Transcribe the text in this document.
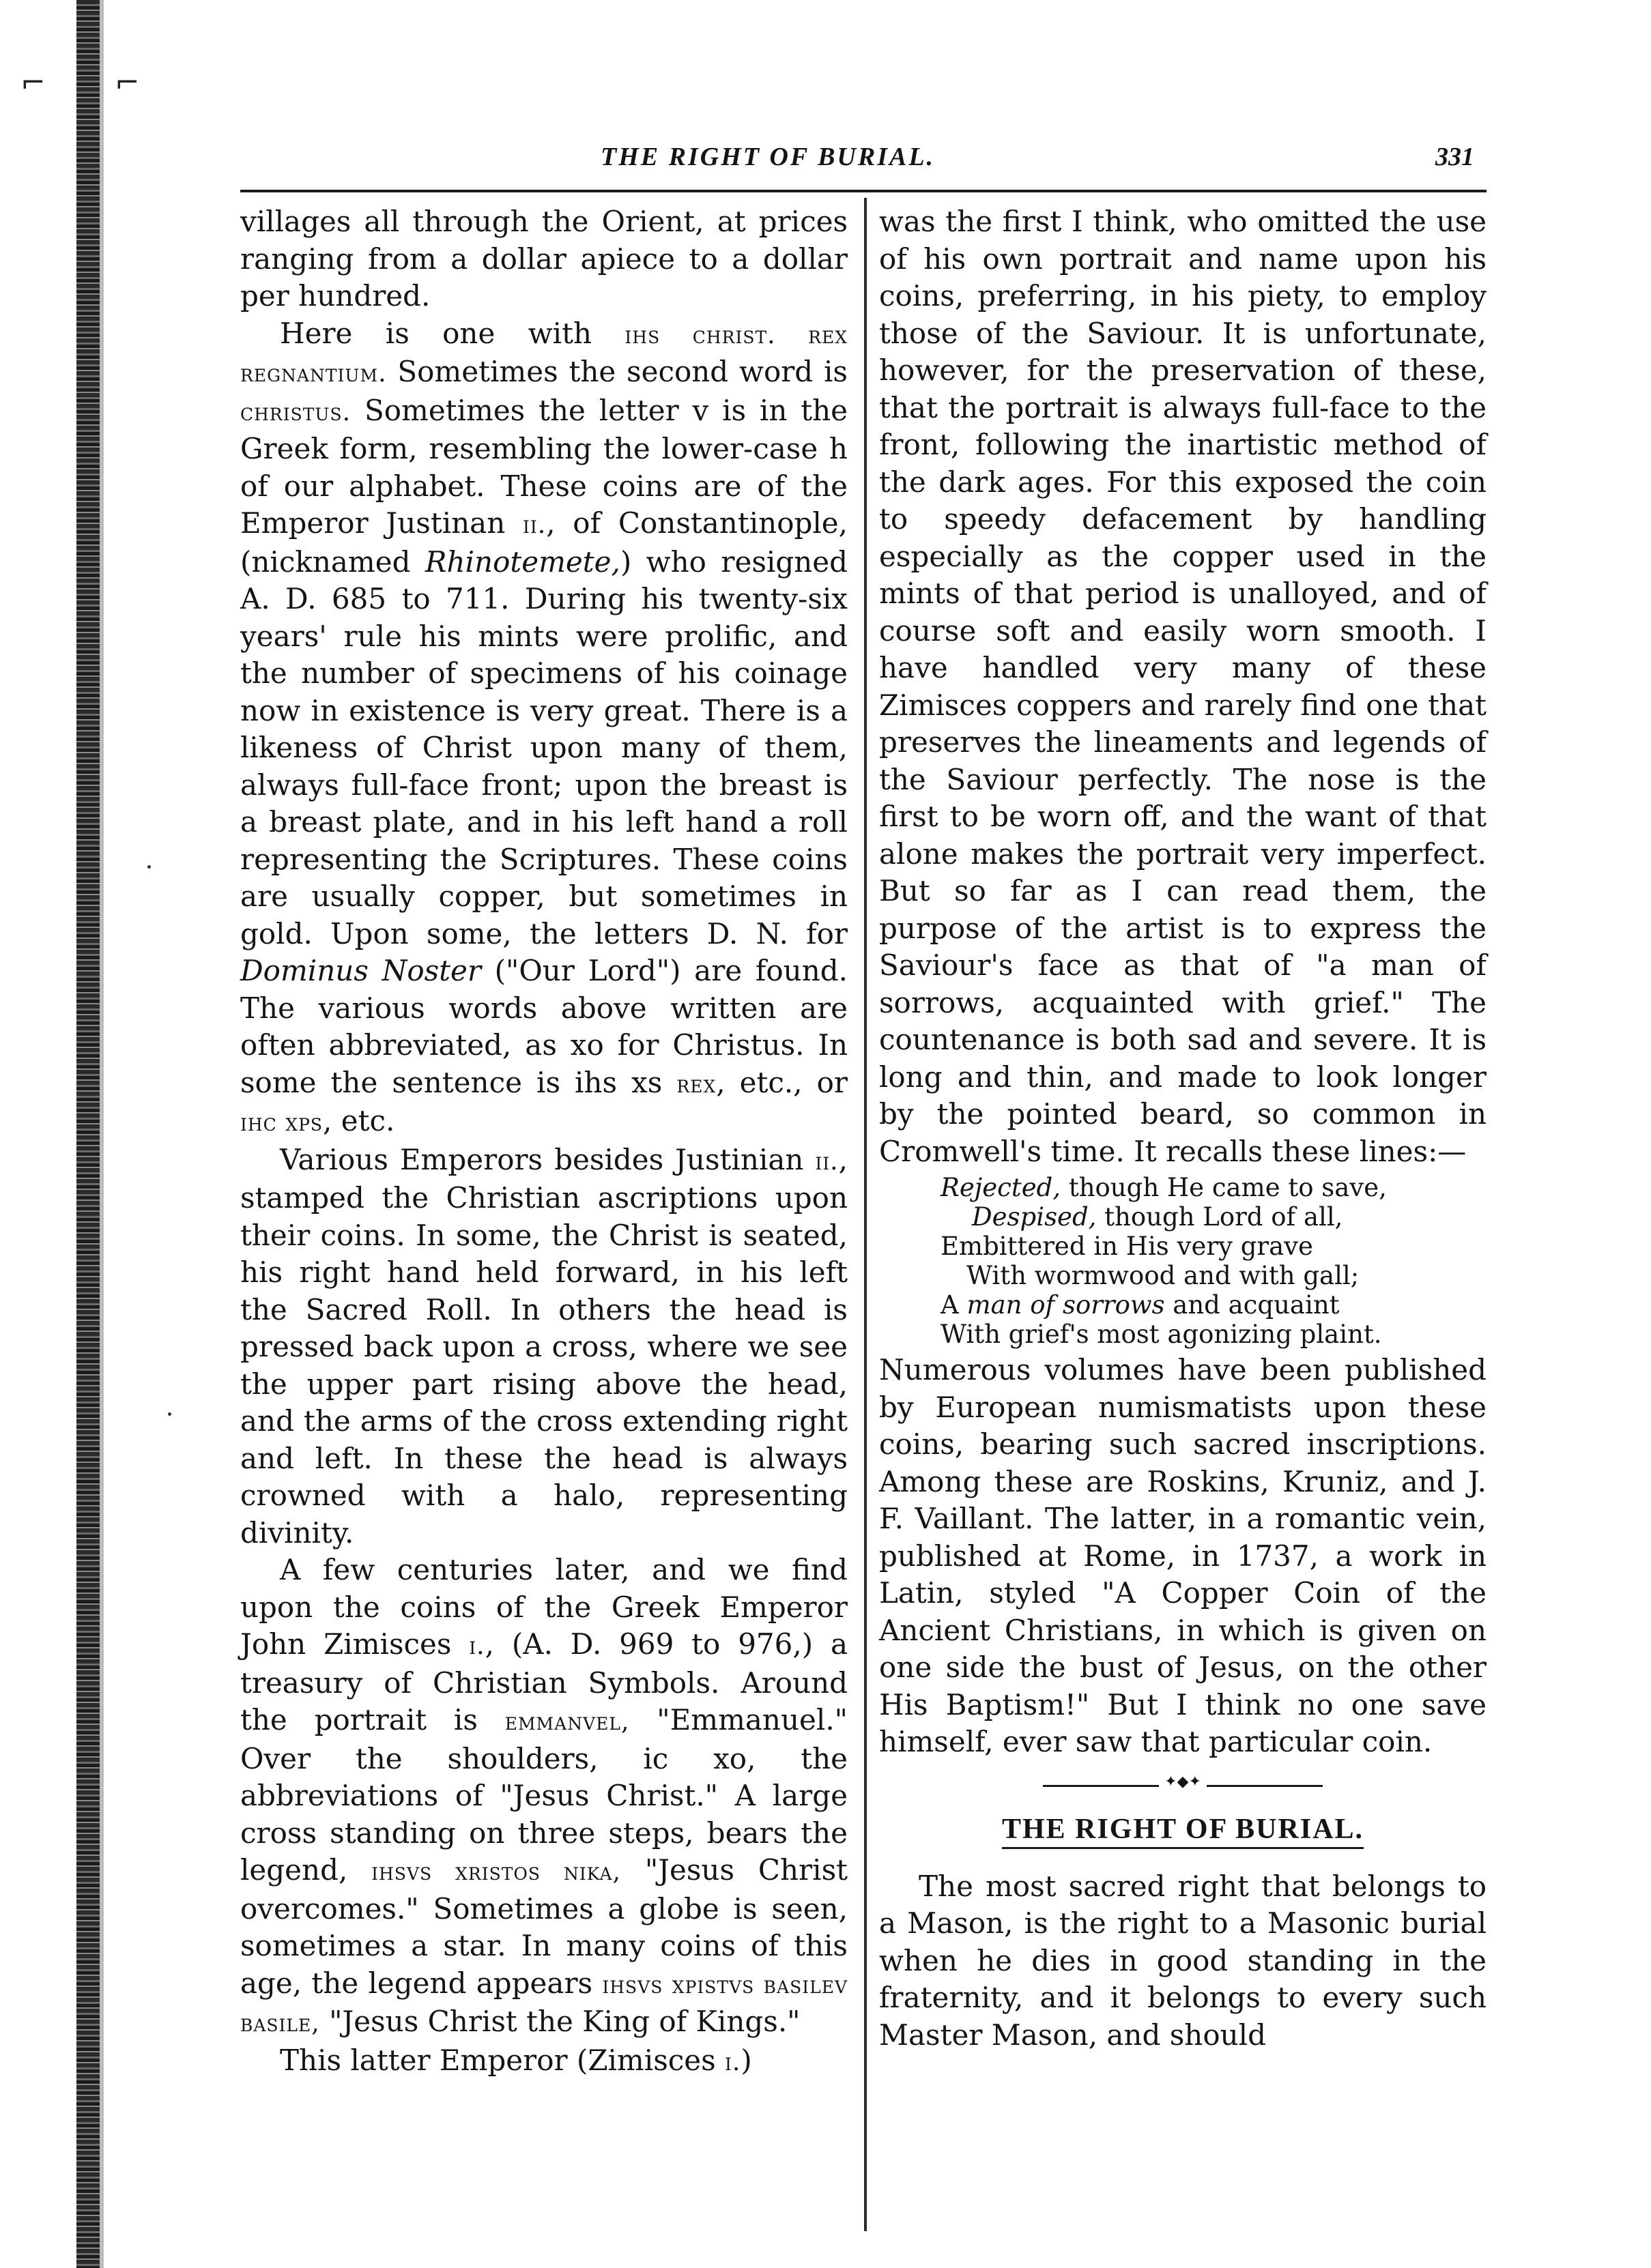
⌐ ⌐
THE RIGHT OF BURIAL.	331

villages all through the Orient, at prices ranging from a dollar apiece to a dollar per hundred.

Here is one with ihs christ. rex regnantium. Sometimes the second word is christus. Sometimes the letter v is in the Greek form, resembling the lower-case h of our alphabet. These coins are of the Emperor Justinan ii., of Constantinople, (nicknamed Rhinotemete,) who resigned A. D. 685 to 711. During his twenty-six years' rule his mints were prolific, and the number of specimens of his coinage now in existence is very great. There is a likeness of Christ upon many of them, always full-face front; upon the breast is a breast plate, and in his left hand a roll representing the Scriptures. These coins are usually copper, but sometimes in gold. Upon some, the letters D. N. for Dominus Noster ("Our Lord") are found. The various words above written are often abbreviated, as xo for Christus. In some the sentence is ihs xs rex, etc., or ihc xps, etc.

Various Emperors besides Justinian ii., stamped the Christian ascriptions upon their coins. In some, the Christ is seated, his right hand held forward, in his left the Sacred Roll. In others the head is pressed back upon a cross, where we see the upper part rising above the head, and the arms of the cross extending right and left. In these the head is always crowned with a halo, representing divinity.

A few centuries later, and we find upon the coins of the Greek Emperor John Zimisces i., (A. D. 969 to 976,) a treasury of Christian Symbols. Around the portrait is emmanvel, "Emmanuel." Over the shoulders, ic xo, the abbreviations of "Jesus Christ." A large cross standing on three steps, bears the legend, ihsvs xristos nika, "Jesus Christ overcomes." Sometimes a globe is seen, sometimes a star. In many coins of this age, the legend appears ihsvs xpistvs basilev basile, "Jesus Christ the King of Kings."

This latter Emperor (Zimisces i.)

was the first I think, who omitted the use of his own portrait and name upon his coins, preferring, in his piety, to employ those of the Saviour. It is unfortunate, however, for the preservation of these, that the portrait is always full-face to the front, following the inartistic method of the dark ages. For this exposed the coin to speedy defacement by handling especially as the copper used in the mints of that period is unalloyed, and of course soft and easily worn smooth. I have handled very many of these Zimisces coppers and rarely find one that preserves the lineaments and legends of the Saviour perfectly. The nose is the first to be worn off, and the want of that alone makes the portrait very imperfect. But so far as I can read them, the purpose of the artist is to express the Saviour's face as that of "a man of sorrows, acquainted with grief." The countenance is both sad and severe. It is long and thin, and made to look longer by the pointed beard, so common in Cromwell's time. It recalls these lines:—

Rejected, though He came to save,
Despised, though Lord of all,
Embittered in His very grave
With wormwood and with gall;
A man of sorrows and acquaint
With grief's most agonizing plaint.

Numerous volumes have been published by European numismatists upon these coins, bearing such sacred inscriptions. Among these are Roskins, Kruniz, and J. F. Vaillant. The latter, in a romantic vein, published at Rome, in 1737, a work in Latin, styled "A Copper Coin of the Ancient Christians, in which is given on one side the bust of Jesus, on the other His Baptism!" But I think no one save himself, ever saw that particular coin.

✦◆✦
THE RIGHT OF BURIAL.

The most sacred right that belongs to a Mason, is the right to a Masonic burial when he dies in good standing in the fraternity, and it belongs to every such Master Mason, and should
